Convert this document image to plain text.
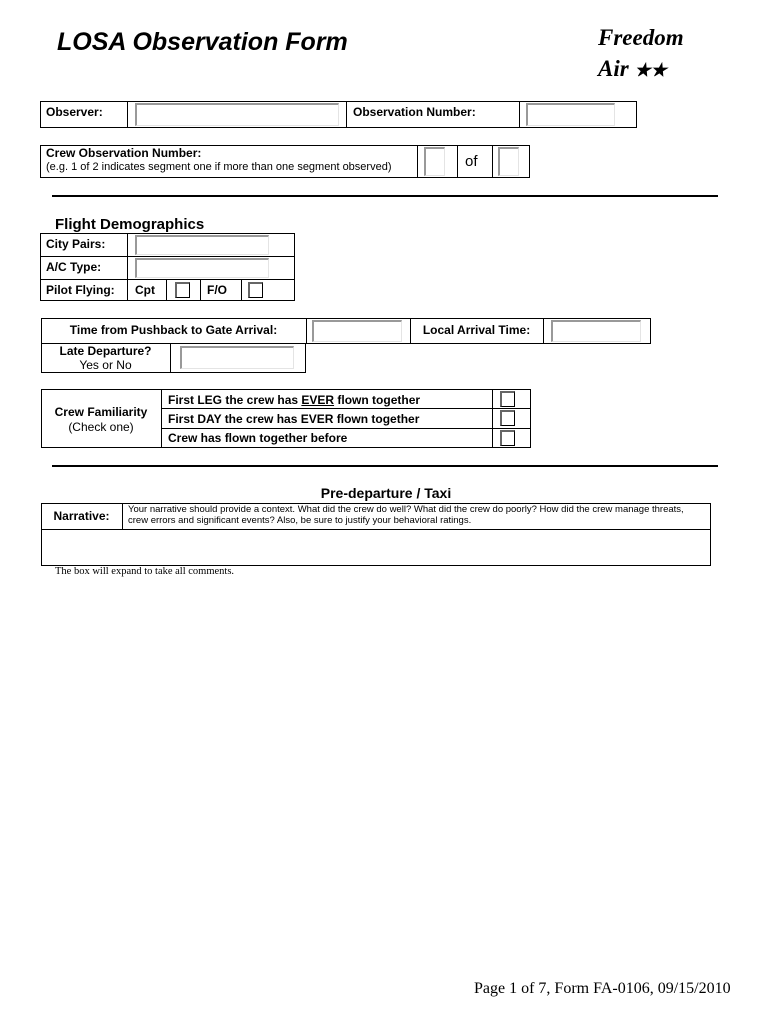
LOSA Observation Form	Freedom
Air ★★
Observer:	Observation Number:
Crew Observation Number:
(e.g. 1 of 2 indicates segment one if more than one segment observed)	of
Flight Demographics
City Pairs:
A/C Type:
Pilot Flying: Cpt	F/O
Time from Pushback to Gate Arrival:	Local Arrival Time:
Late Departure?
Yes or No
Crew Familiarity
(Check one)
First LEG the crew has EVER flown together
First DAY the crew has EVER flown together
Crew has flown together before
Pre-departure / Taxi
Narrative:	Your narrative should provide a context. What did the crew do well? What did the crew do poorly? How did the crew manage threats, crew errors and significant events? Also, be sure to justify your behavioral ratings.
The box will expand to take all comments.
Page 1 of 7, Form FA-0106, 09/15/2010
